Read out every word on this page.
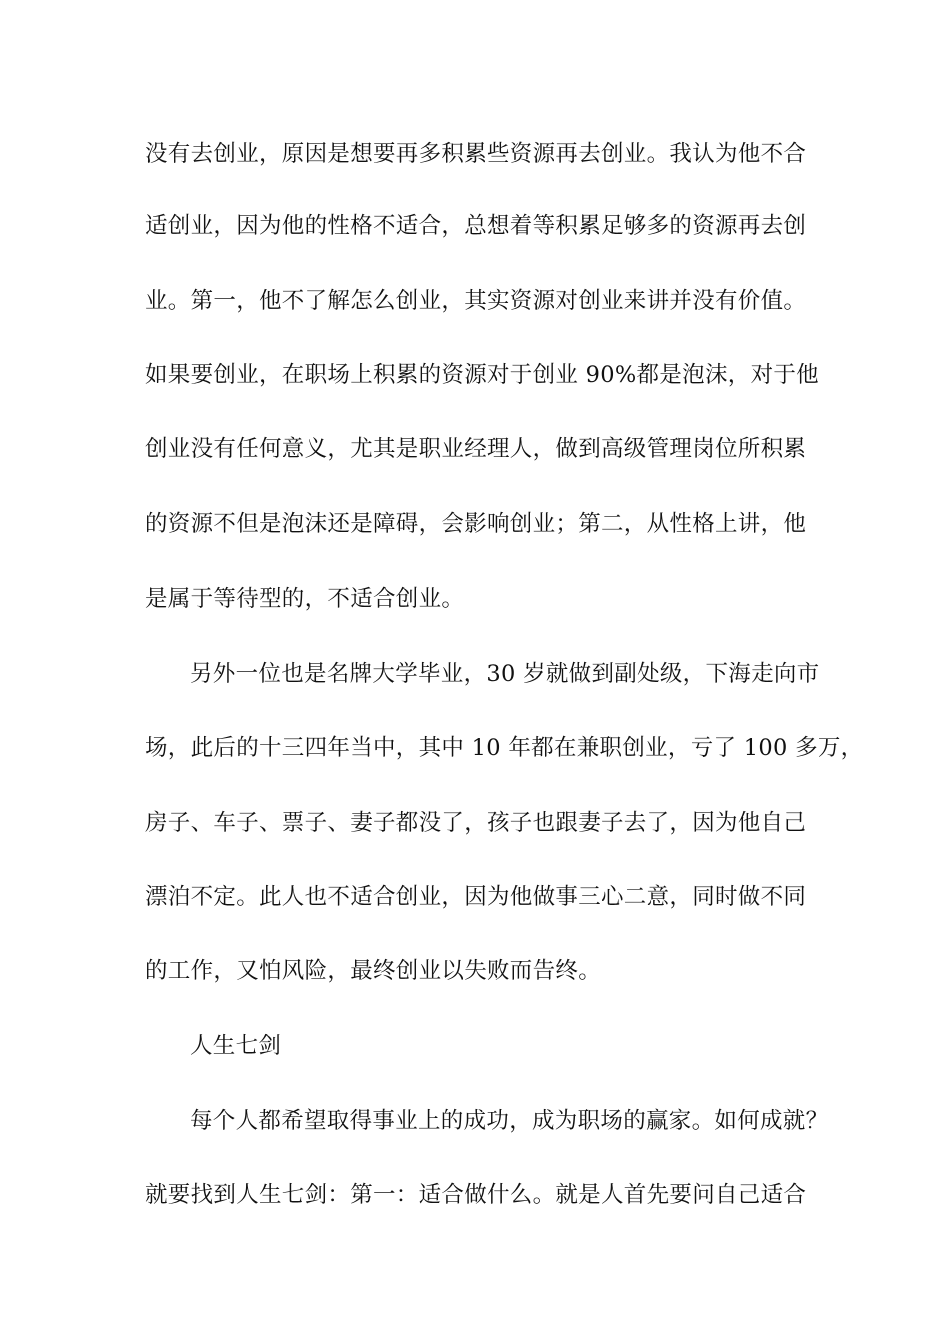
没有去创业，原因是想要再多积累些资源再去创业。我认为他不合
适创业，因为他的性格不适合，总想着等积累足够多的资源再去创
业。第一，他不了解怎么创业，其实资源对创业来讲并没有价值。
如果要创业，在职场上积累的资源对于创业 90%都是泡沫，对于他
创业没有任何意义，尤其是职业经理人，做到高级管理岗位所积累
的资源不但是泡沫还是障碍，会影响创业；第二，从性格上讲，他
是属于等待型的，不适合创业。
另外一位也是名牌大学毕业，30 岁就做到副处级，下海走向市
场，此后的十三四年当中，其中 10 年都在兼职创业，亏了 100 多万，
房子、车子、票子、妻子都没了，孩子也跟妻子去了，因为他自己
漂泊不定。此人也不适合创业，因为他做事三心二意，同时做不同
的工作，又怕风险，最终创业以失败而告终。
人生七剑
每个人都希望取得事业上的成功，成为职场的赢家。如何成就？
就要找到人生七剑：第一：适合做什么。就是人首先要问自己适合
